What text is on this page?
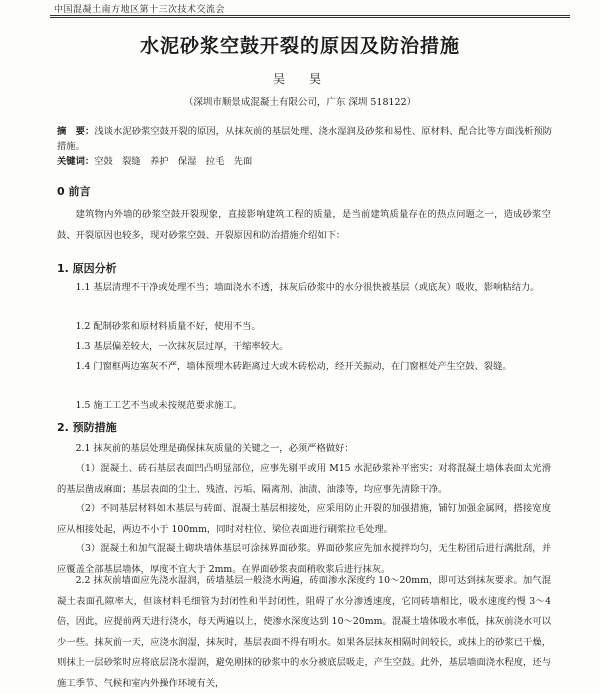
中国混凝土南方地区第十三次技术交流会
水泥砂浆空鼓开裂的原因及防治措施
吴　昊
（深圳市顺景成混凝土有限公司，广东 深圳 518122）
摘　要：浅谈水泥砂浆空鼓开裂的原因，从抹灰前的基层处理、浇水湿润及砂浆和易性、原材料、配合比等方面浅析预防措施。
关键词：空鼓　裂缝　养护　保湿　拉毛　先面
0 前言
建筑物内外墙的砂浆空鼓开裂现象，直接影响建筑工程的质量，是当前建筑质量存在的热点问题之一，造成砂浆空鼓、开裂原因也较多，现对砂浆空鼓、开裂原因和防治措施介绍如下：
1. 原因分析
1.1 基层清理不干净或处理不当；墙面浇水不透，抹灰后砂浆中的水分很快被基层（或底灰）吸收，影响粘结力。
1.2 配制砂浆和原材料质量不好，使用不当。
1.3 基层偏差较大，一次抹灰层过厚，干缩率较大。
1.4 门窗框两边塞灰不严，墙体预埋木砖距离过大或木砖松动，经开关振动，在门窗框处产生空鼓、裂缝。
1.5 施工工艺不当或未按规范要求施工。
2. 预防措施
2.1 抹灰前的基层处理是确保抹灰质量的关键之一，必须严格做好：
（1）混凝土、砖石基层表面凹凸明显部位，应事先剔平或用 M15 水泥砂浆补平密实；对将混凝土墙体表面太光滑的基层凿成麻面；基层表面的尘土、残渣、污垢、隔离剂、油渍、油漆等，均应事先清除干净。
（2）不同基层材料如木基层与砖面、混凝土基层相接处，应采用防止开裂的加强措施，铺钉加强金属网，搭接宽度应从相接处起，两边不小于 100mm，同时对柱位、梁位表面进行刷浆拉毛处理。
（3）混凝土和加气混凝土砌块墙体基层可涂抹界面砂浆。界面砂浆应先加水搅拌均匀，无生粉团后进行满批刮，并应覆盖全部基层墙体，厚度不宜大于 2mm。在界面砂浆表面稍收浆后进行抹灰。
2.2 抹灰前墙面应先浇水湿润，砖墙基层一般浇水两遍，砖面渗水深度约 10～20mm，即可达到抹灰要求。加气混凝土表面孔隙率大，但该材料毛细管为封闭性和半封闭性，阻碍了水分渗透速度，它同砖墙相比，吸水速度约慢 3～4 倍，因此，应提前两天进行浇水，每天两遍以上，使渗水深度达到 10～20mm。混凝土墙体吸水率低，抹灰前浇水可以少一些。抹灰前一天，应浇水润湿，抹灰时，基层表面不得有明水。如果各层抹灰相隔时间较长，或抹上的砂浆已干燥，则抹上一层砂浆时应将底层浇水湿润，避免刚抹的砂浆中的水分被底层吸走，产生空鼓。此外，基层墙面浇水程度，还与施工季节、气候和室内外操作环境有关，
